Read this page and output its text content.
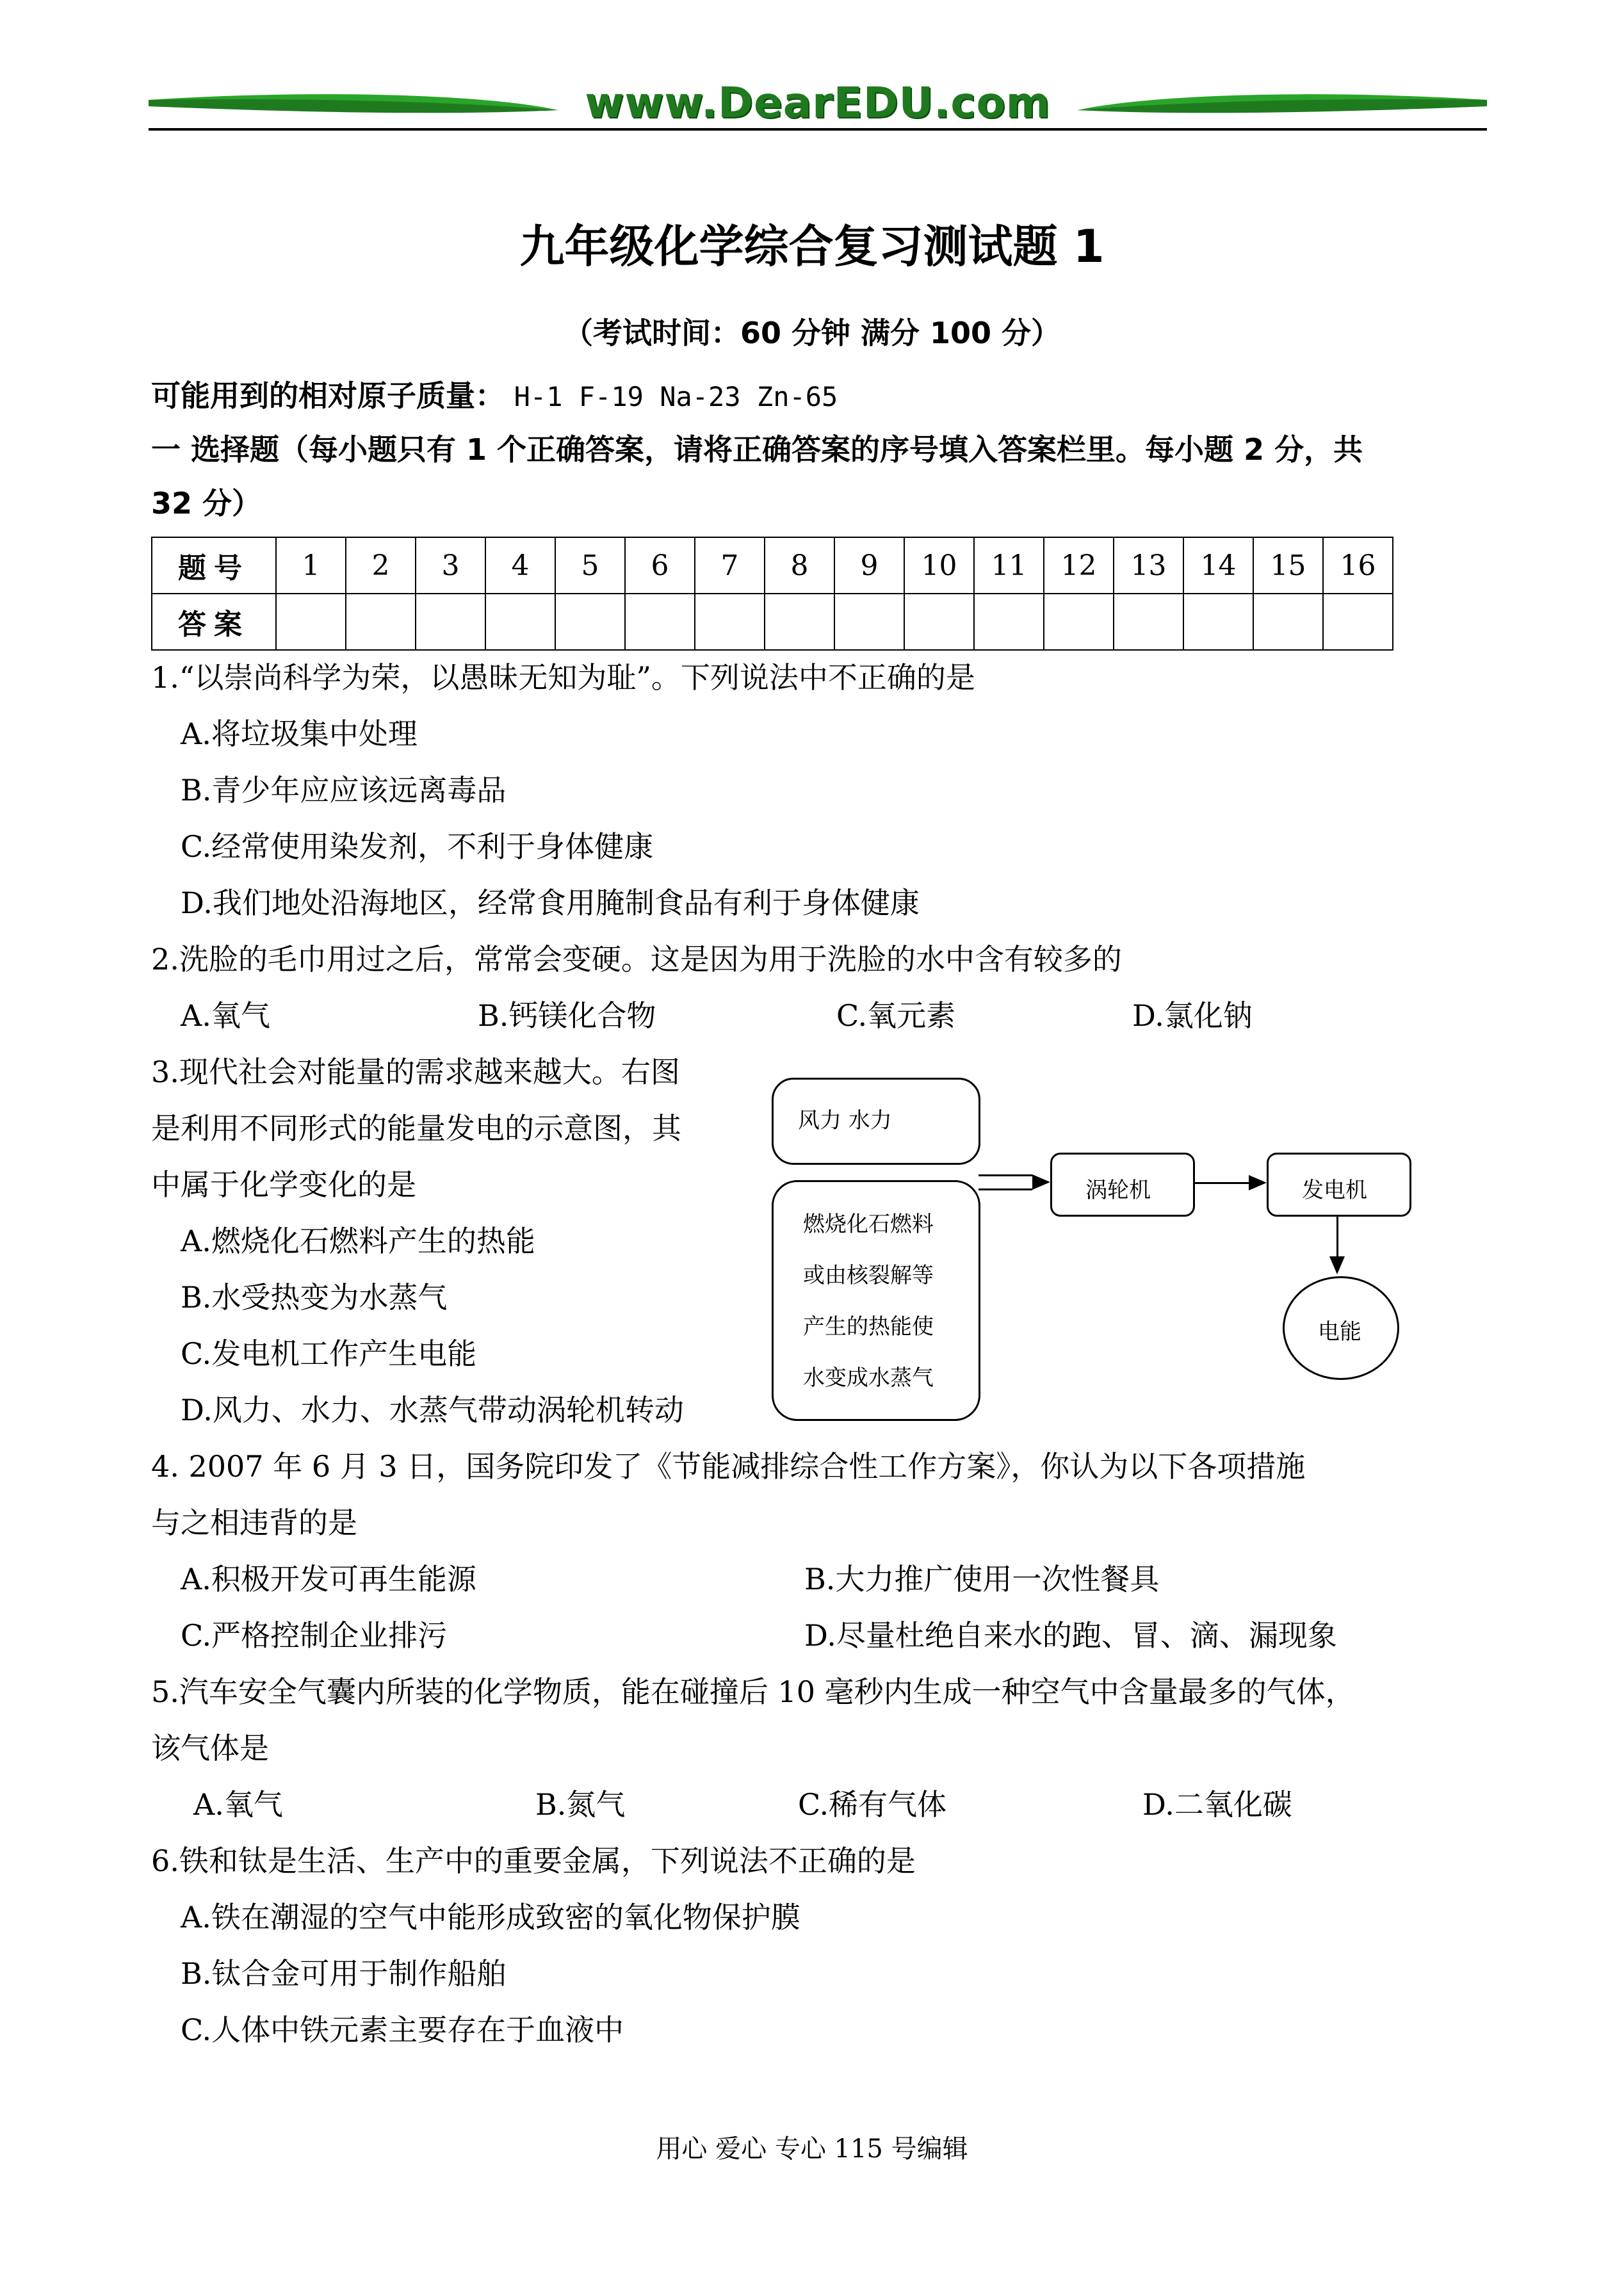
www.DearEDU.com
九年级化学综合复习测试题 1
（考试时间：60 分钟 满分 100 分）
可能用到的相对原子质量： H-1 F-19 Na-23 Zn-65
一 选择题（每小题只有 1 个正确答案，请将正确答案的序号填入答案栏里。每小题 2 分，共
32 分）
题号	1	2	3	4	5	6	7	8	9	10	11	12	13	14	15	16
答案																
1.“以崇尚科学为荣，以愚昧无知为耻”。下列说法中不正确的是
A.将垃圾集中处理
B.青少年应应该远离毒品
C.经常使用染发剂，不利于身体健康
D.我们地处沿海地区，经常食用腌制食品有利于身体健康
2.洗脸的毛巾用过之后，常常会变硬。这是因为用于洗脸的水中含有较多的
A.氧气	B.钙镁化合物	C.氧元素	D.氯化钠
3.现代社会对能量的需求越来越大。右图
是利用不同形式的能量发电的示意图，其
中属于化学变化的是
A.燃烧化石燃料产生的热能
B.水受热变为水蒸气
C.发电机工作产生电能
D.风力、水力、水蒸气带动涡轮机转动
风力 水力
燃烧化石燃料
或由核裂解等
产生的热能使
水变成水蒸气
涡轮机	发电机
电能
4. 2007 年 6 月 3 日，国务院印发了《节能减排综合性工作方案》，你认为以下各项措施
与之相违背的是
A.积极开发可再生能源	B.大力推广使用一次性餐具
C.严格控制企业排污	D.尽量杜绝自来水的跑、冒、滴、漏现象
5.汽车安全气囊内所装的化学物质，能在碰撞后 10 毫秒内生成一种空气中含量最多的气体，
该气体是
A.氧气	B.氮气	C.稀有气体	D.二氧化碳
6.铁和钛是生活、生产中的重要金属，下列说法不正确的是
A.铁在潮湿的空气中能形成致密的氧化物保护膜
B.钛合金可用于制作船舶
C.人体中铁元素主要存在于血液中
用心 爱心 专心 115 号编辑
